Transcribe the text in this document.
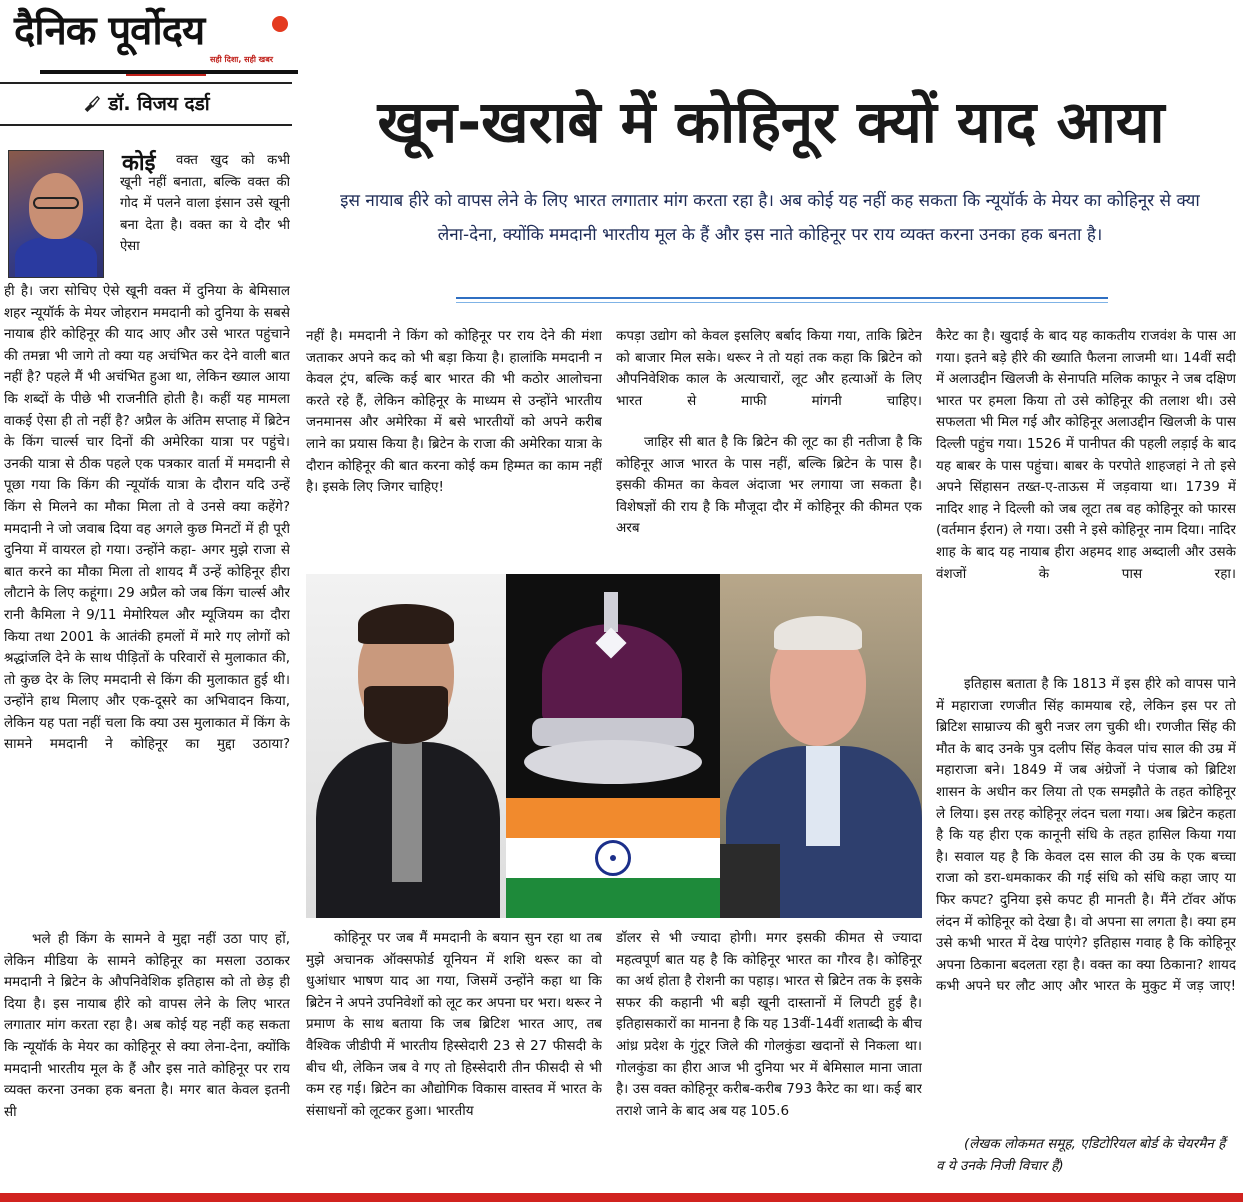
दैनिक पूर्वोदय
सही दिशा, सही खबर
डॉ. विजय दर्डा	खून-खराबे में कोहिनूर क्यों याद आया
इस नायाब हीरे को वापस लेने के लिए भारत लगातार मांग करता रहा है। अब कोई यह नहीं कह सकता कि न्यूयॉर्क के मेयर का कोहिनूर से क्या लेना-देना, क्योंकि ममदानी भारतीय मूल के हैं और इस नाते कोहिनूर पर राय व्यक्त करना उनका हक बनता है।
कोई	वक्त खुद को कभी खूनी नहीं बनाता, बल्कि वक्त की गोद में पलने वाला इंसान उसे खूनी बना देता है। वक्त का ये दौर भी ऐसा
ही है। जरा सोचिए ऐसे खूनी वक्त में दुनिया के बेमिसाल शहर न्यूयॉर्क के मेयर जोहरान ममदानी को दुनिया के सबसे नायाब हीरे कोहिनूर की याद आए और उसे भारत पहुंचाने की तमन्ना भी जागे तो क्या यह अचंभित कर देने वाली बात नहीं है? पहले मैं भी अचंभित हुआ था, लेकिन ख्याल आया कि शब्दों के पीछे भी राजनीति होती है। कहीं यह मामला वाकई ऐसा ही तो नहीं है? अप्रैल के अंतिम सप्ताह में ब्रिटेन के किंग चार्ल्स चार दिनों की अमेरिका यात्रा पर पहुंचे। उनकी यात्रा से ठीक पहले एक पत्रकार वार्ता में ममदानी से पूछा गया कि किंग की न्यूयॉर्क यात्रा के दौरान यदि उन्हें किंग से मिलने का मौका मिला तो वे उनसे क्या कहेंगे? ममदानी ने जो जवाब दिया वह अगले कुछ मिनटों में ही पूरी दुनिया में वायरल हो गया। उन्होंने कहा- अगर मुझे राजा से बात करने का मौका मिला तो शायद मैं उन्हें कोहिनूर हीरा लौटाने के लिए कहूंगा। 29 अप्रैल को जब किंग चार्ल्स और रानी कैमिला ने 9/11 मेमोरियल और म्यूजियम का दौरा किया तथा 2001 के आतंकी हमलों में मारे गए लोगों को श्रद्धांजलि देने के साथ पीड़ितों के परिवारों से मुलाकात की, तो कुछ देर के लिए ममदानी से किंग की मुलाकात हुई थी। उन्होंने हाथ मिलाए और एक-दूसरे का अभिवादन किया, लेकिन यह पता नहीं चला कि क्या उस मुलाकात में किंग के सामने ममदानी ने कोहिनूर का मुद्दा उठाया?
भले ही किंग के सामने वे मुद्दा नहीं उठा पाए हों, लेकिन मीडिया के सामने कोहिनूर का मसला उठाकर ममदानी ने ब्रिटेन के औपनिवेशिक इतिहास को तो छेड़ ही दिया है। इस नायाब हीरे को वापस लेने के लिए भारत लगातार मांग करता रहा है। अब कोई यह नहीं कह सकता कि न्यूयॉर्क के मेयर का कोहिनूर से क्या लेना-देना, क्योंकि ममदानी भारतीय मूल के हैं और इस नाते कोहिनूर पर राय व्यक्त करना उनका हक बनता है। मगर बात केवल इतनी सी
नहीं है। ममदानी ने किंग को कोहिनूर पर राय देने की मंशा जताकर अपने कद को भी बड़ा किया है। हालांकि ममदानी न केवल ट्रंप, बल्कि कई बार भारत की भी कठोर आलोचना करते रहे हैं, लेकिन कोहिनूर के माध्यम से उन्होंने भारतीय जनमानस और अमेरिका में बसे भारतीयों को अपने करीब लाने का प्रयास किया है। ब्रिटेन के राजा की अमेरिका यात्रा के दौरान कोहिनूर की बात करना कोई कम हिम्मत का काम नहीं है। इसके लिए जिगर चाहिए!
कपड़ा उद्योग को केवल इसलिए बर्बाद किया गया, ताकि ब्रिटेन को बाजार मिल सके। थरूर ने तो यहां तक कहा कि ब्रिटेन को औपनिवेशिक काल के अत्याचारों, लूट और हत्याओं के लिए भारत से माफी मांगनी चाहिए।
जाहिर सी बात है कि ब्रिटेन की लूट का ही नतीजा है कि कोहिनूर आज भारत के पास नहीं, बल्कि ब्रिटेन के पास है। इसकी कीमत का केवल अंदाजा भर लगाया जा सकता है। विशेषज्ञों की राय है कि मौजूदा दौर में कोहिनूर की कीमत एक अरब
कोहिनूर पर जब मैं ममदानी के बयान सुन रहा था तब मुझे अचानक ऑक्सफोर्ड यूनियन में शशि थरूर का वो धुआंधार भाषण याद आ गया, जिसमें उन्होंने कहा था कि ब्रिटेन ने अपने उपनिवेशों को लूट कर अपना घर भरा। थरूर ने प्रमाण के साथ बताया कि जब ब्रिटिश भारत आए, तब वैश्विक जीडीपी में भारतीय हिस्सेदारी 23 से 27 फीसदी के बीच थी, लेकिन जब वे गए तो हिस्सेदारी तीन फीसदी से भी कम रह गई। ब्रिटेन का औद्योगिक विकास वास्तव में भारत के संसाधनों को लूटकर हुआ। भारतीय
डॉलर से भी ज्यादा होगी। मगर इसकी कीमत से ज्यादा महत्वपूर्ण बात यह है कि कोहिनूर भारत का गौरव है। कोहिनूर का अर्थ होता है रोशनी का पहाड़। भारत से ब्रिटेन तक के इसके सफर की कहानी भी बड़ी खूनी दास्तानों में लिपटी हुई है। इतिहासकारों का मानना है कि यह 13वीं-14वीं शताब्दी के बीच आंध्र प्रदेश के गुंटूर जिले की गोलकुंडा खदानों से निकला था। गोलकुंडा का हीरा आज भी दुनिया भर में बेमिसाल माना जाता है। उस वक्त कोहिनूर करीब-करीब 793 कैरेट का था। कई बार तराशे जाने के बाद अब यह 105.6
कैरेट का है। खुदाई के बाद यह काकतीय राजवंश के पास आ गया। इतने बड़े हीरे की ख्याति फैलना लाजमी था। 14वीं सदी में अलाउद्दीन खिलजी के सेनापति मलिक काफूर ने जब दक्षिण भारत पर हमला किया तो उसे कोहिनूर की तलाश थी। उसे सफलता भी मिल गई और कोहिनूर अलाउद्दीन खिलजी के पास दिल्ली पहुंच गया। 1526 में पानीपत की पहली लड़ाई के बाद यह बाबर के पास पहुंचा। बाबर के परपोते शाहजहां ने तो इसे अपने सिंहासन तख्त-ए-ताऊस में जड़वाया था। 1739 में नादिर शाह ने दिल्ली को जब लूटा तब वह कोहिनूर को फारस (वर्तमान ईरान) ले गया। उसी ने इसे कोहिनूर नाम दिया। नादिर शाह के बाद यह नायाब हीरा अहमद शाह अब्दाली और उसके वंशजों के पास रहा।
इतिहास बताता है कि 1813 में इस हीरे को वापस पाने में महाराजा रणजीत सिंह कामयाब रहे, लेकिन इस पर तो ब्रिटिश साम्राज्य की बुरी नजर लग चुकी थी। रणजीत सिंह की मौत के बाद उनके पुत्र दलीप सिंह केवल पांच साल की उम्र में महाराजा बने। 1849 में जब अंग्रेजों ने पंजाब को ब्रिटिश शासन के अधीन कर लिया तो एक समझौते के तहत कोहिनूर ले लिया। इस तरह कोहिनूर लंदन चला गया। अब ब्रिटेन कहता है कि यह हीरा एक कानूनी संधि के तहत हासिल किया गया है। सवाल यह है कि केवल दस साल की उम्र के एक बच्चा राजा को डरा-धमकाकर की गई संधि को संधि कहा जाए या फिर कपट? दुनिया इसे कपट ही मानती है। मैंने टॉवर ऑफ लंदन में कोहिनूर को देखा है। वो अपना सा लगता है। क्या हम उसे कभी भारत में देख पाएंगे? इतिहास गवाह है कि कोहिनूर अपना ठिकाना बदलता रहा है। वक्त का क्या ठिकाना? शायद कभी अपने घर लौट आए और भारत के मुकुट में जड़ जाए!
(लेखक लोकमत समूह, एडिटोरियल बोर्ड के चेयरमैन हैं व ये उनके निजी विचार हैं)
